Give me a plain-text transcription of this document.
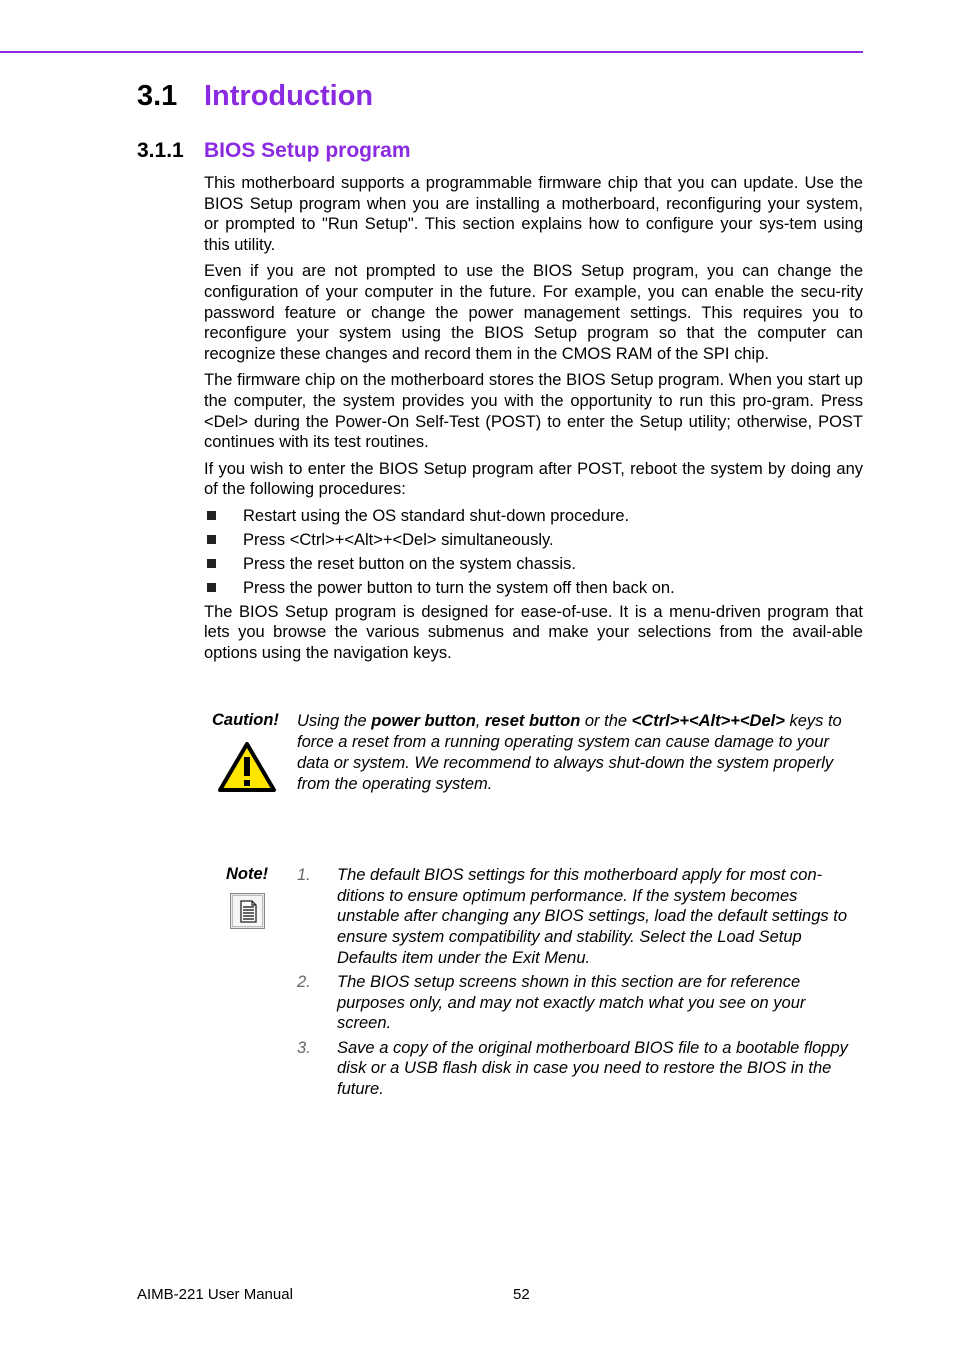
3.1 Introduction
3.1.1 BIOS Setup program

This motherboard supports a programmable firmware chip that you can update. Use the BIOS Setup program when you are installing a motherboard, reconfiguring your system, or prompted to "Run Setup". This section explains how to configure your sys-tem using this utility.

Even if you are not prompted to use the BIOS Setup program, you can change the configuration of your computer in the future. For example, you can enable the secu-rity password feature or change the power management settings. This requires you to reconfigure your system using the BIOS Setup program so that the computer can recognize these changes and record them in the CMOS RAM of the SPI chip.

The firmware chip on the motherboard stores the BIOS Setup program. When you start up the computer, the system provides you with the opportunity to run this pro-gram. Press <Del> during the Power-On Self-Test (POST) to enter the Setup utility; otherwise, POST continues with its test routines.

If you wish to enter the BIOS Setup program after POST, reboot the system by doing any of the following procedures:

Restart using the OS standard shut-down procedure.
Press <Ctrl>+<Alt>+<Del> simultaneously.
Press the reset button on the system chassis.
Press the power button to turn the system off then back on.

The BIOS Setup program is designed for ease-of-use. It is a menu-driven program that lets you browse the various submenus and make your selections from the avail-able options using the navigation keys.

Caution! Using the power button, reset button or the <Ctrl>+<Alt>+<Del> keys to force a reset from a running operating system can cause damage to your data or system. We recommend to always shut-down the system properly from the operating system.
Note! 1. The default BIOS settings for this motherboard apply for most con-ditions to ensure optimum performance. If the system becomes unstable after changing any BIOS settings, load the default settings to ensure system compatibility and stability. Select the Load Setup Defaults item under the Exit Menu.
2. The BIOS setup screens shown in this section are for reference purposes only, and may not exactly match what you see on your screen.
3. Save a copy of the original motherboard BIOS file to a bootable floppy disk or a USB flash disk in case you need to restore the BIOS in the future.
AIMB-221 User Manual	52
